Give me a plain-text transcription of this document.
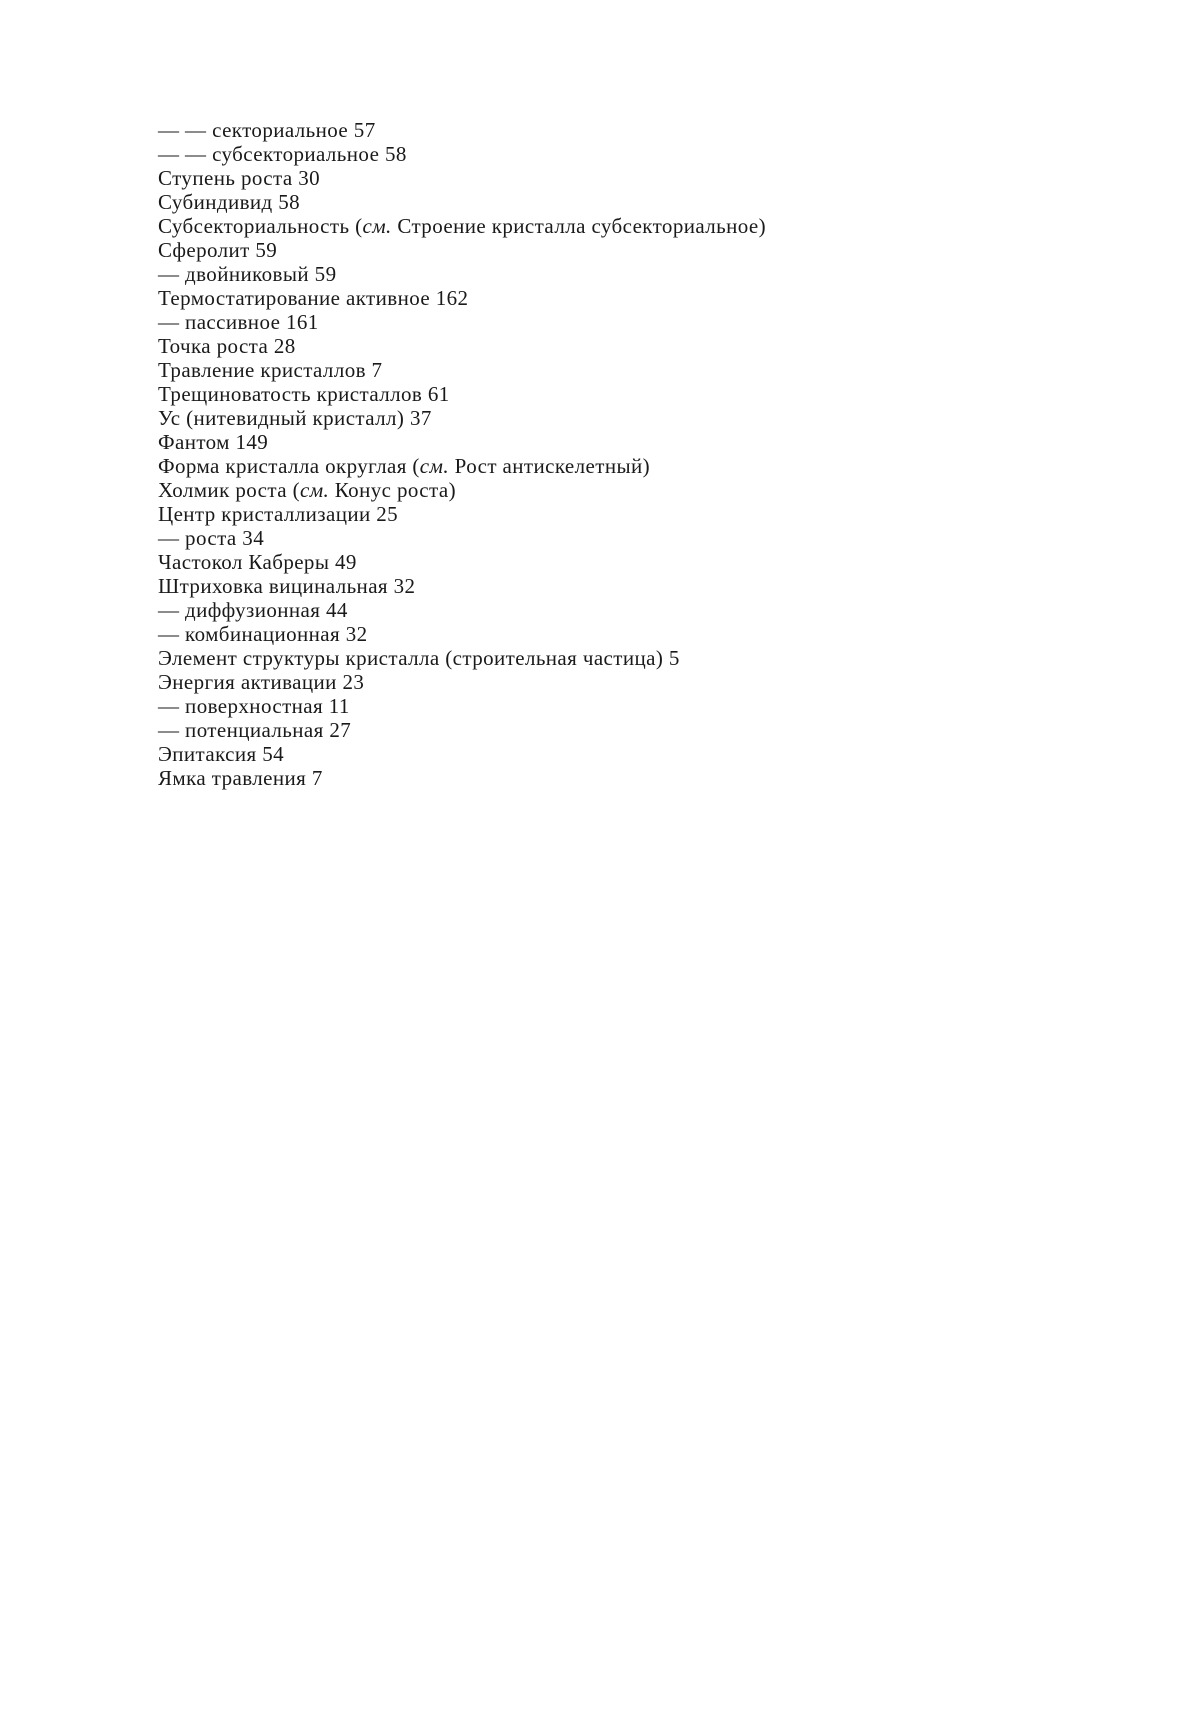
— — секториальное 57
— — субсекториальное 58
Ступень роста 30
Субиндивид 58
Субсекториальность (см. Строение кристалла субсекториальное)
Сферолит 59
— двойниковый 59
Термостатирование активное 162
— пассивное 161
Точка роста 28
Травление кристаллов 7
Трещиноватость кристаллов 61
Ус (нитевидный кристалл) 37
Фантом 149
Форма кристалла округлая (см. Рост антискелетный)
Холмик роста (см. Конус роста)
Центр кристаллизации 25
— роста 34
Частокол Кабреры 49
Штриховка вицинальная 32
— диффузионная 44
— комбинационная 32
Элемент структуры кристалла (строительная частица) 5
Энергия активации 23
— поверхностная 11
— потенциальная 27
Эпитаксия 54
Ямка травления 7
